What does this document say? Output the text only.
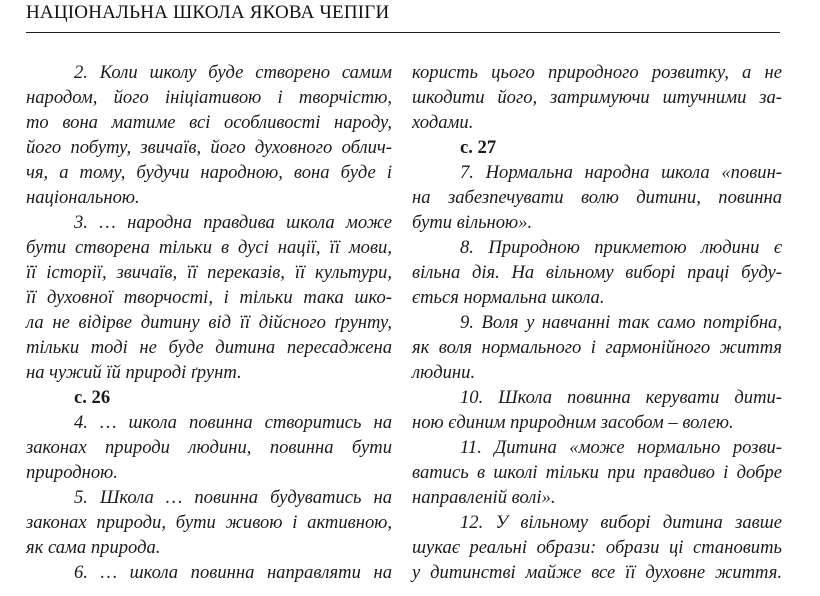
НАЦІОНАЛЬНА ШКОЛА ЯКОВА ЧЕПІГИ
2. Коли школу буде створено самим
народом, його ініціативою і творчістю,
то вона матиме всі особливості народу,
його побуту, звичаїв, його духовного облич-
чя, а тому, будучи народною, вона буде і
національною.
3. … народна правдива школа може
бути створена тільки в дусі нації, її мови,
її історії, звичаїв, її переказів, її культури,
її духовної творчості, і тільки така шко-
ла не відірве дитину від її дійсного ґрунту,
тільки тоді не буде дитина пересаджена
на чужий їй природі ґрунт.
с. 26
4. … школа повинна створитись на
законах природи людини, повинна бути
природною.
5. Школа … повинна будуватись на
законах природи, бути живою і активною,
як сама природа.
6. … школа повинна направляти на
користь цього природного розвитку, а не
шкодити його, затримуючи штучними за-
ходами.
с. 27
7. Нормальна народна школа «повин-
на забезпечувати волю дитини, повинна
бути вільною».
8. Природною прикметою людини є
вільна дія. На вільному виборі праці буду-
ється нормальна школа.
9. Воля у навчанні так само потрібна,
як воля нормального і гармонійного життя
людини.
10. Школа повинна керувати дити-
ною єдиним природним засобом – волею.
11. Дитина «може нормально розви-
ватись в школі тільки при правдиво і добре
направленій волі».
12. У вільному виборі дитина завше
шукає реальні образи: образи ці становить
у дитинстві майже все її духовне життя.
